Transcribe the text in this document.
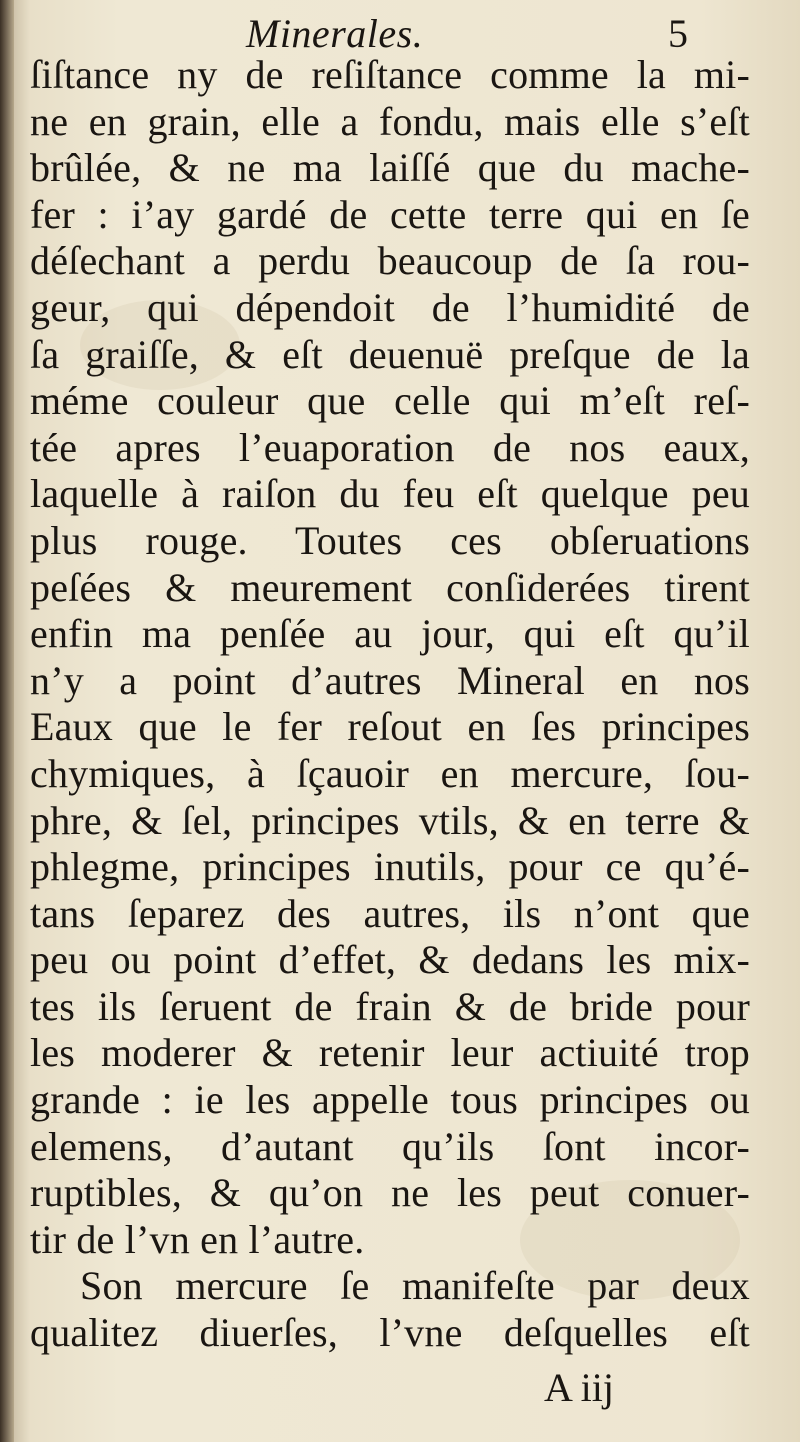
Minerales.	5
ſiſtance ny de reſiſtance comme la mi-
ne en grain, elle a fondu, mais elle s’eſt
brûlée, & ne ma laiſſé que du mache-
fer : i’ay gardé de cette terre qui en ſe
déſechant a perdu beaucoup de ſa rou-
geur, qui dépendoit de l’humidité de
ſa graiſſe, & eſt deuenuë preſque de la
méme couleur que celle qui m’eſt reſ-
tée apres l’euaporation de nos eaux,
laquelle à raiſon du feu eſt quelque peu
plus rouge. Toutes ces obſeruations
peſées & meurement conſiderées tirent
enfin ma penſée au jour, qui eſt qu’il
n’y a point d’autres Mineral en nos
Eaux que le fer reſout en ſes principes
chymiques, à ſçauoir en mercure, ſou-
phre, & ſel, principes vtils, & en terre &
phlegme, principes inutils, pour ce qu’é-
tans ſeparez des autres, ils n’ont que
peu ou point d’effet, & dedans les mix-
tes ils ſeruent de frain & de bride pour
les moderer & retenir leur actiuité trop
grande : ie les appelle tous principes ou
elemens, d’autant qu’ils ſont incor-
ruptibles, & qu’on ne les peut conuer-
tir de l’vn en l’autre.
Son mercure ſe manifeſte par deux
qualitez diuerſes, l’vne deſquelles eſt
A iij
